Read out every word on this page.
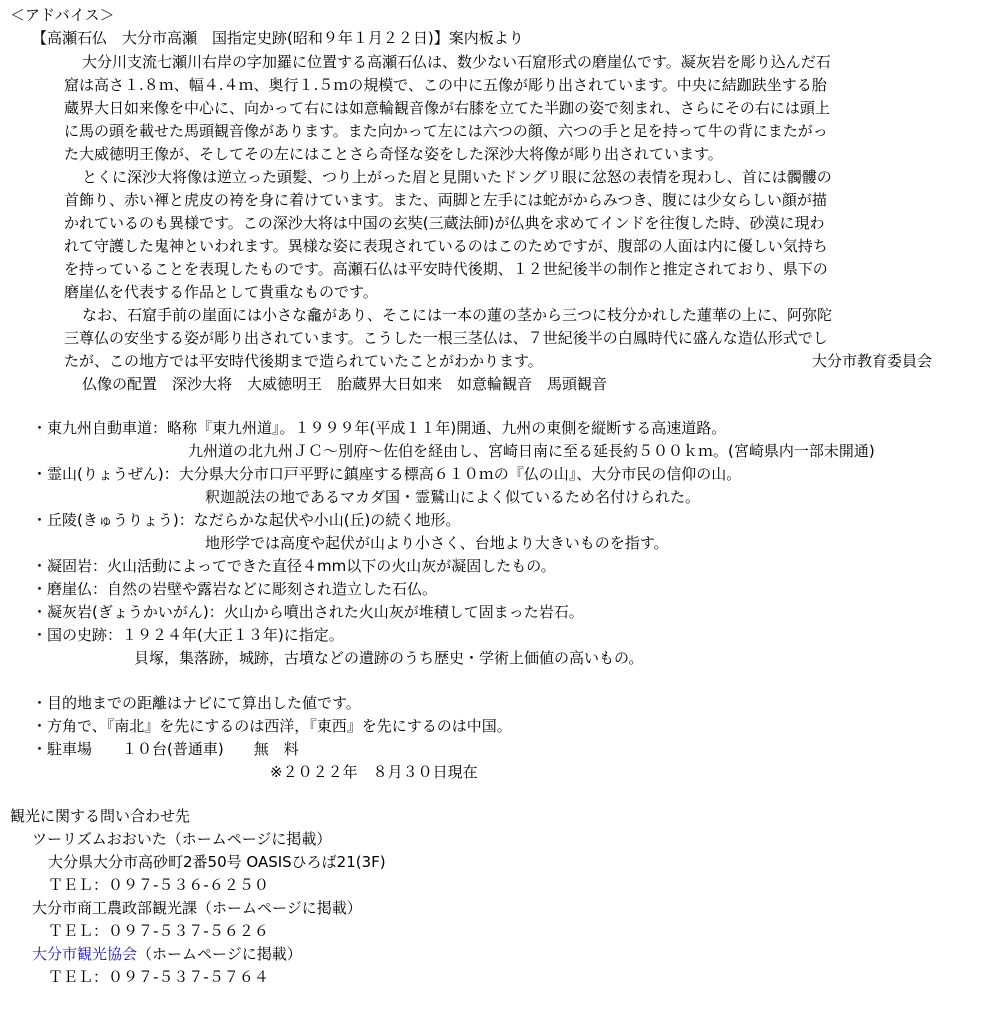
＜アドバイス＞
【高瀬石仏　大分市高瀬　国指定史跡(昭和９年１月２２日)】案内板より
大分川支流七瀬川右岸の字加羅に位置する高瀬石仏は、数少ない石窟形式の磨崖仏です。凝灰岩を彫り込んだ石
窟は高さ１.８ｍ、幅４.４ｍ、奥行１.５ｍの規模で、この中に五像が彫り出されています。中央に結跏趺坐する胎
蔵界大日如来像を中心に、向かって右には如意輪観音像が右膝を立てた半跏の姿で刻まれ、さらにその右には頭上
に馬の頭を載せた馬頭観音像があります。また向かって左には六つの顔、六つの手と足を持って牛の背にまたがっ
た大威徳明王像が、そしてその左にはことさら奇怪な姿をした深沙大将像が彫り出されています。
とくに深沙大将像は逆立った頭髪、つり上がった眉と見開いたドングリ眼に忿怒の表情を現わし、首には髑髏の
首飾り、赤い褌と虎皮の袴を身に着けています。また、両脚と左手には蛇がからみつき、腹には少女らしい顔が描
かれているのも異様です。この深沙大将は中国の玄奘(三蔵法師)が仏典を求めてインドを往復した時、砂漠に現わ
れて守護した鬼神といわれます。異様な姿に表現されているのはこのためですが、腹部の人面は内に優しい気持ち
を持っていることを表現したものです。高瀬石仏は平安時代後期、１２世紀後半の制作と推定されており、県下の
磨崖仏を代表する作品として貴重なものです。
なお、石窟手前の崖面には小さな龕があり、そこには一本の蓮の茎から三つに枝分かれした蓮華の上に、阿弥陀
三尊仏の安坐する姿が彫り出されています。こうした一根三茎仏は、７世紀後半の白鳳時代に盛んな造仏形式でし
たが、この地方では平安時代後期まで造られていたことがわかります。	大分市教育委員会
仏像の配置　深沙大将　大威徳明王　胎蔵界大日如来　如意輪観音　馬頭観音
・東九州自動車道：略称『東九州道』。１９９９年(平成１１年)開通、九州の東側を縦断する高速道路。
九州道の北九州ＪＣ～別府～佐伯を経由し、宮崎日南に至る延長約５００ｋｍ。(宮崎県内一部未開通)
・霊山(りょうぜん)：大分県大分市口戸平野に鎮座する標高６１０ｍの『仏の山』、大分市民の信仰の山。
釈迦説法の地であるマカダ国・霊鷲山によく似ているため名付けられた。
・丘陵(きゅうりょう)：なだらかな起伏や小山(丘)の続く地形。
地形学では高度や起伏が山より小さく、台地より大きいものを指す。
・凝固岩：火山活動によってできた直径４mm以下の火山灰が凝固したもの。
・磨崖仏：自然の岩壁や露岩などに彫刻され造立した石仏。
・凝灰岩(ぎょうかいがん)：火山から噴出された火山灰が堆積して固まった岩石。
・国の史跡：１９２４年(大正１３年)に指定。
貝塚，集落跡，城跡，古墳などの遺跡のうち歴史・学術上価値の高いもの。
・目的地までの距離はナビにて算出した値です。
・方角で、『南北』を先にするのは西洋，『東西』を先にするのは中国。
・駐車場　　１０台(普通車)　　無　料
※２０２２年　８月３０日現在
観光に関する問い合わせ先
ツーリズムおおいた（ホームページに掲載）
大分県大分市高砂町2番50号 OASISひろば21(3F)
ＴＥＬ：０９７-５３６-６２５０
大分市商工農政部観光課（ホームページに掲載）
ＴＥＬ：０９７-５３７-５６２６
大分市観光協会（ホームページに掲載）
ＴＥＬ：０９７-５３７-５７６４
